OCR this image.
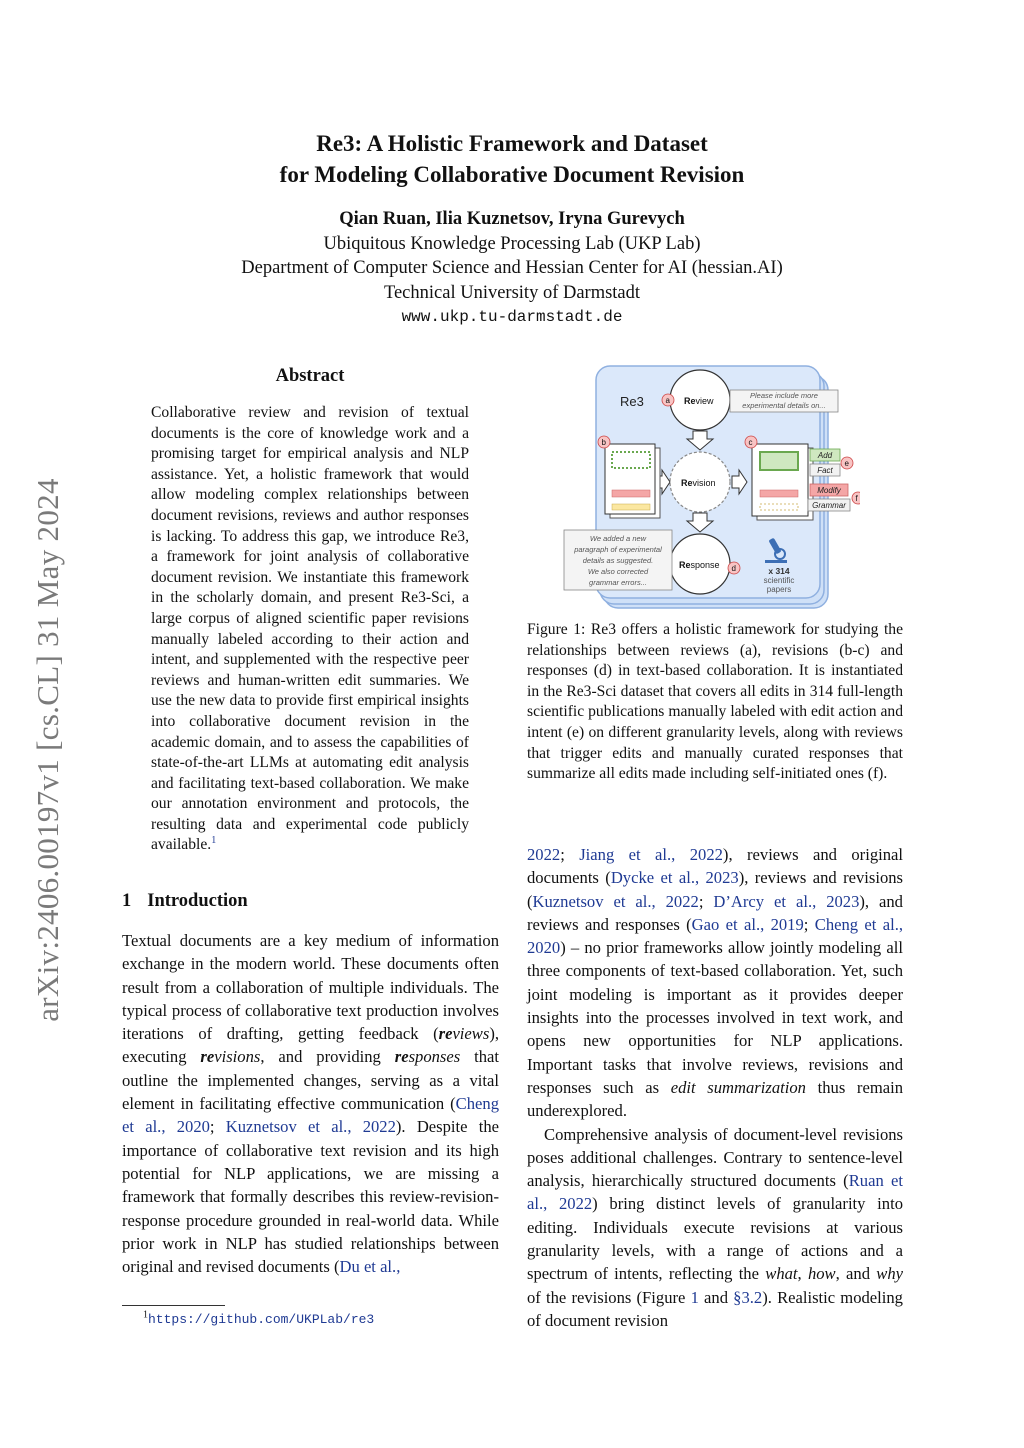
Re3: A Holistic Framework and Dataset
for Modeling Collaborative Document Revision
Qian Ruan, Ilia Kuznetsov, Iryna Gurevych
Ubiquitous Knowledge Processing Lab (UKP Lab)
Department of Computer Science and Hessian Center for AI (hessian.AI)
Technical University of Darmstadt
www.ukp.tu-darmstadt.de
arXiv:2406.00197v1 [cs.CL] 31 May 2024
Abstract

Collaborative review and revision of textual documents is the core of knowledge work and a promising target for empirical analysis and NLP assistance. Yet, a holistic framework that would allow modeling complex relationships between document revisions, reviews and author responses is lacking. To address this gap, we introduce Re3, a framework for joint analysis of collaborative document revision. We instantiate this framework in the scholarly domain, and present Re3-Sci, a large corpus of aligned scientific paper revisions manually labeled according to their action and intent, and supplemented with the respective peer reviews and human-written edit summaries. We use the new data to provide first empirical insights into collaborative document revision in the academic domain, and to assess the capabilities of state-of-the-art LLMs at automating edit analysis and facilitating text-based collaboration. We make our annotation environment and protocols, the resulting data and experimental code publicly available.$^1$

1 Introduction

Textual documents are a key medium of information exchange in the modern world. These documents often result from a collaboration of multiple individuals. The typical process of collaborative text production involves iterations of drafting, getting feedback (reviews), executing revisions, and providing responses that outline the implemented changes, serving as a vital element in facilitating effective communication (Cheng et al., 2020; Kuznetsov et al., 2022). Despite the importance of collaborative text revision and its high potential for NLP applications, we are missing a framework that formally describes this review-revision-response procedure grounded in real-world data. While prior work in NLP has studied relationships between original and revised documents (Du et al.,

$^1$https://github.com/UKPLab/re3
Re3	Review
a
Please include more
experimental details on...
Revision
Response d
b	c
Add
Fact
e
Modify
Grammar
f
We added a new
paragraph of experimental
details as suggested.
We also corrected
grammar errors...
x 314
scientific
papers
Figure 1: Re3 offers a holistic framework for studying the relationships between reviews (a), revisions (b-c) and responses (d) in text-based collaboration. It is instantiated in the Re3-Sci dataset that covers all edits in 314 full-length scientific publications manually labeled with edit action and intent (e) on different granularity levels, along with reviews that trigger edits and manually curated responses that summarize all edits made including self-initiated ones (f).

2022; Jiang et al., 2022), reviews and original documents (Dycke et al., 2023), reviews and revisions (Kuznetsov et al., 2022; D’Arcy et al., 2023), and reviews and responses (Gao et al., 2019; Cheng et al., 2020) – no prior frameworks allow jointly modeling all three components of text-based collaboration. Yet, such joint modeling is important as it provides deeper insights into the processes involved in text work, and opens new opportunities for NLP applications. Important tasks that involve reviews, revisions and responses such as edit summarization thus remain underexplored.

Comprehensive analysis of document-level revisions poses additional challenges. Contrary to sentence-level analysis, hierarchically structured documents (Ruan et al., 2022) bring distinct levels of granularity into editing. Individuals execute revisions at various granularity levels, with a range of actions and a spectrum of intents, reflecting the what, how, and why of the revisions (Figure 1 and §3.2). Realistic modeling of document revision
